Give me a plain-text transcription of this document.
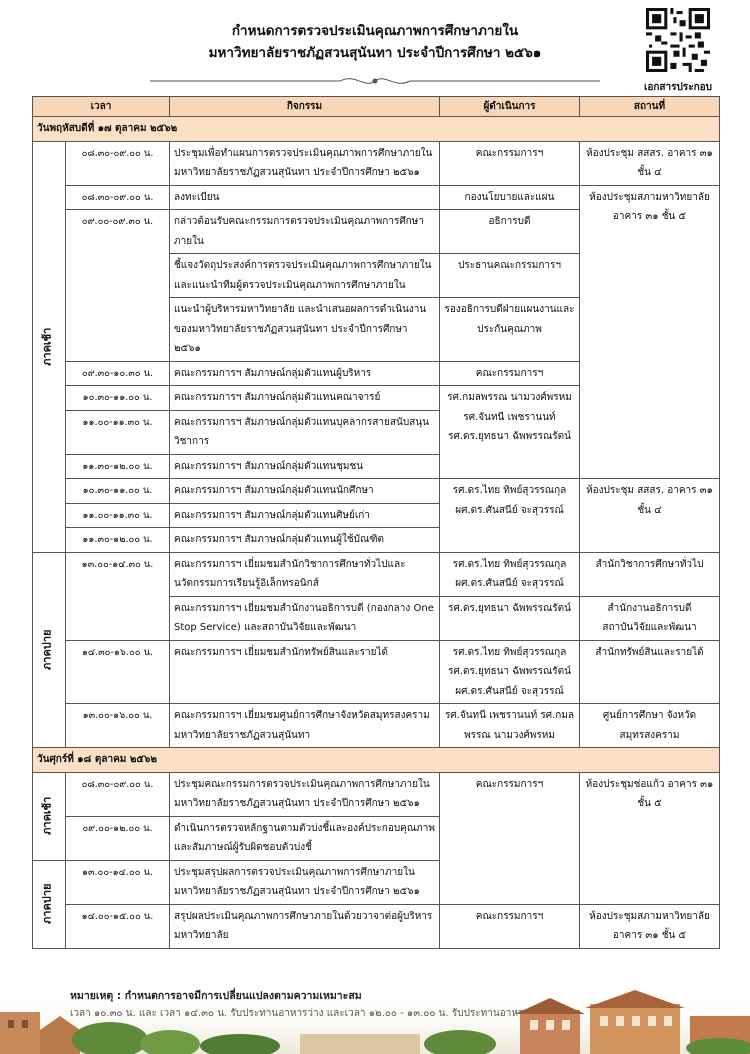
กำหนดการตรวจประเมินคุณภาพการศึกษาภายใน
มหาวิทยาลัยราชภัฏสวนสุนันทา ประจำปีการศึกษา ๒๕๖๑
เอกสารประกอบ
เวลา		กิจกรรม	ผู้ดำเนินการ	สถานที่
วันพฤหัสบดีที่ ๑๗ ตุลาคม ๒๕๖๒				

ภาคเช้า	๐๘.๓๐-๐๙.๐๐ น.	ประชุมเพื่อทำแผนการตรวจประเมินคุณภาพการศึกษาภายใน มหาวิทยาลัยราชภัฏสวนสุนันทา ประจำปีการศึกษา ๒๕๖๑	คณะกรรมการฯ	ห้องประชุม สสสร. อาคาร ๓๑ ชั้น ๔
	๐๘.๓๐-๐๙.๐๐ น.	ลงทะเบียน	กองนโยบายและแผน	ห้องประชุมสภามหาวิทยาลัย อาคาร ๓๑ ชั้น ๕
	๐๙.๐๐-๐๙.๓๐ น.	กล่าวต้อนรับคณะกรรมการตรวจประเมินคุณภาพการศึกษาภายใน	อธิการบดี	
		ชี้แจงวัตถุประสงค์การตรวจประเมินคุณภาพการศึกษาภายในและแนะนำทีมผู้ตรวจประเมินคุณภาพการศึกษาภายใน	ประธานคณะกรรมการฯ	
		แนะนำผู้บริหารมหาวิทยาลัย และนำเสนอผลการดำเนินงานของมหาวิทยาลัยราชภัฏสวนสุนันทา ประจำปีการศึกษา ๒๕๖๑	รองอธิการบดีฝ่ายแผนงานและประกันคุณภาพ	
	๐๙.๓๐-๑๐.๓๐ น.	คณะกรรมการฯ สัมภาษณ์กลุ่มตัวแทนผู้บริหาร	คณะกรรมการฯ	
	๑๐.๓๐-๑๑.๐๐ น.	คณะกรรมการฯ สัมภาษณ์กลุ่มตัวแทนคณาจารย์	รศ.กมลพรรณ นามวงศ์พรหม รศ.จันทนี เพชรานนท์ รศ.ดร.ยุทธนา ฉัพพรรณรัตน์	
	๑๑.๐๐-๑๑.๓๐ น.	คณะกรรมการฯ สัมภาษณ์กลุ่มตัวแทนบุคลากรสายสนับสนุนวิชาการ		
	๑๑.๓๐-๑๒.๐๐ น.	คณะกรรมการฯ สัมภาษณ์กลุ่มตัวแทนชุมชน		
	๑๐.๓๐-๑๑.๐๐ น.	คณะกรรมการฯ สัมภาษณ์กลุ่มตัวแทนนักศึกษา	รศ.ดร.ไทย ทิพย์สุวรรณกุล ผศ.ดร.ศันสนีย์ จะสุวรรณ์	ห้องประชุม สสสร. อาคาร ๓๑ ชั้น ๔
	๑๑.๐๐-๑๑.๓๐ น.	คณะกรรมการฯ สัมภาษณ์กลุ่มตัวแทนศิษย์เก่า		
	๑๑.๓๐-๑๒.๐๐ น.	คณะกรรมการฯ สัมภาษณ์กลุ่มตัวแทนผู้ใช้บัณฑิต		

ภาคบ่าย	๑๓.๐๐-๑๔.๓๐ น.	คณะกรรมการฯ เยี่ยมชมสำนักวิชาการศึกษาทั่วไปและนวัตกรรมการเรียนรู้อิเล็กทรอนิกส์	รศ.ดร.ไทย ทิพย์สุวรรณกุล ผศ.ดร.ศันสนีย์ จะสุวรรณ์	สำนักวิชาการศึกษาทั่วไป
		คณะกรรมการฯ เยี่ยมชมสำนักงานอธิการบดี (กองกลาง One Stop Service) และสถาบันวิจัยและพัฒนา	รศ.ดร.ยุทธนา ฉัพพรรณรัตน์	สำนักงานอธิการบดี สถาบันวิจัยและพัฒนา
	๑๔.๓๐-๑๖.๐๐ น.	คณะกรรมการฯ เยี่ยมชมสำนักทรัพย์สินและรายได้	รศ.ดร.ไทย ทิพย์สุวรรณกุล รศ.ดร.ยุทธนา ฉัพพรรณรัตน์ ผศ.ดร.ศันสนีย์ จะสุวรรณ์	สำนักทรัพย์สินและรายได้
	๑๓.๐๐-๑๖.๐๐ น.	คณะกรรมการฯ เยี่ยมชมศูนย์การศึกษาจังหวัดสมุทรสงคราม มหาวิทยาลัยราชภัฏสวนสุนันทา	รศ.จันทนี เพชรานนท์ รศ.กมลพรรณ นามวงศ์พรหม	ศูนย์การศึกษา จังหวัดสมุทรสงคราม
วันศุกร์ที่ ๑๘ ตุลาคม ๒๕๖๒				

ภาคเช้า	๐๘.๓๐-๐๙.๐๐ น.	ประชุมคณะกรรมการตรวจประเมินคุณภาพการศึกษาภายใน มหาวิทยาลัยราชภัฏสวนสุนันทา ประจำปีการศึกษา ๒๕๖๑	คณะกรรมการฯ	ห้องประชุมช่อแก้ว อาคาร ๓๑ ชั้น ๕
	๐๙.๐๐-๑๒.๐๐ น.	ดำเนินการตรวจหลักฐานตามตัวบ่งชี้และองค์ประกอบคุณภาพและสัมภาษณ์ผู้รับผิดชอบตัวบ่งชี้		

ภาคบ่าย	๑๓.๐๐-๑๔.๐๐ น.	ประชุมสรุปผลการตรวจประเมินคุณภาพการศึกษาภายใน มหาวิทยาลัยราชภัฏสวนสุนันทา ประจำปีการศึกษา ๒๕๖๑		
	๑๔.๐๐-๑๕.๐๐ น.	สรุปผลประเมินคุณภาพการศึกษาภายในด้วยวาจาต่อผู้บริหารมหาวิทยาลัย	คณะกรรมการฯ	ห้องประชุมสภามหาวิทยาลัย อาคาร ๓๑ ชั้น ๕
